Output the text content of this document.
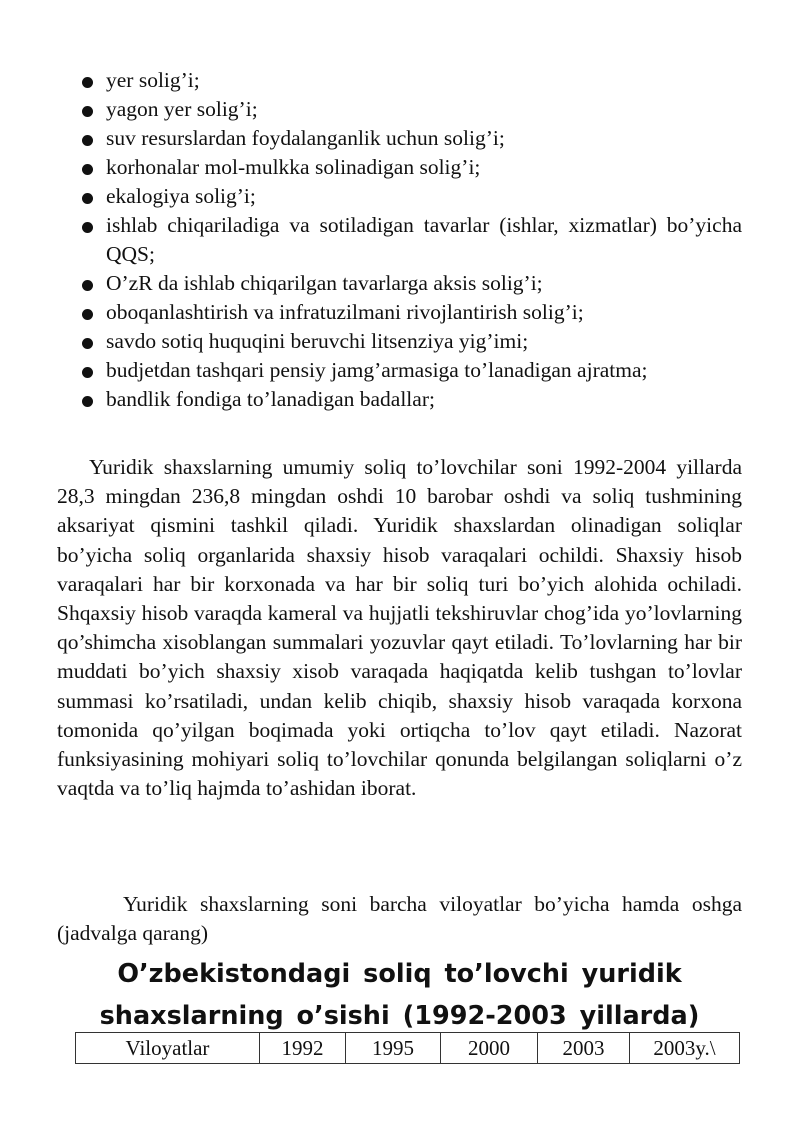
yer solig’i;
yagon yer solig’i;
suv resurslardan foydalanganlik uchun solig’i;
korhonalar mol-mulkka solinadigan solig’i;
ekalogiya solig’i;
ishlab chiqariladiga va sotiladigan tavarlar (ishlar, xizmatlar) bo’yicha QQS;
O’zR da ishlab chiqarilgan tavarlarga aksis solig’i;
oboqanlashtirish va infratuzilmani rivojlantirish solig’i;
savdo sotiq huquqini beruvchi litsenziya yig’imi;
budjetdan tashqari pensiy jamg’armasiga to’lanadigan ajratma;
bandlik fondiga to’lanadigan badallar;

Yuridik shaxslarning umumiy soliq to’lovchilar soni 1992-2004 yillarda 28,3 mingdan 236,8 mingdan oshdi 10 barobar oshdi va soliq tushmining aksariyat qismini tashkil qiladi. Yuridik shaxslardan olinadigan soliqlar bo’yicha soliq organlarida shaxsiy hisob varaqalari ochildi. Shaxsiy hisob varaqalari har bir korxonada va har bir soliq turi bo’yich alohida ochiladi. Shqaxsiy hisob varaqda kameral va hujjatli tekshiruvlar chog’ida yo’lovlarning qo’shimcha xisoblangan summalari yozuvlar qayt etiladi. To’lovlarning har bir muddati bo’yich shaxsiy xisob varaqada haqiqatda kelib tushgan to’lovlar summasi ko’rsatiladi, undan kelib chiqib, shaxsiy hisob varaqada korxona tomonida qo’yilgan boqimada yoki ortiqcha to’lov qayt etiladi. Nazorat funksiyasining mohiyari soliq to’lovchilar qonunda belgilangan soliqlarni o’z vaqtda va to’liq hajmda to’ashidan iborat.

Yuridik shaxslarning soni barcha viloyatlar bo’yicha hamda oshga (jadvalga qarang)

O’zbekistondagi soliq to’lovchi yuridik
shaxslarning o’sishi (1992-2003 yillarda)
Viloyatlar	1992	1995	2000	2003	2003y.\
